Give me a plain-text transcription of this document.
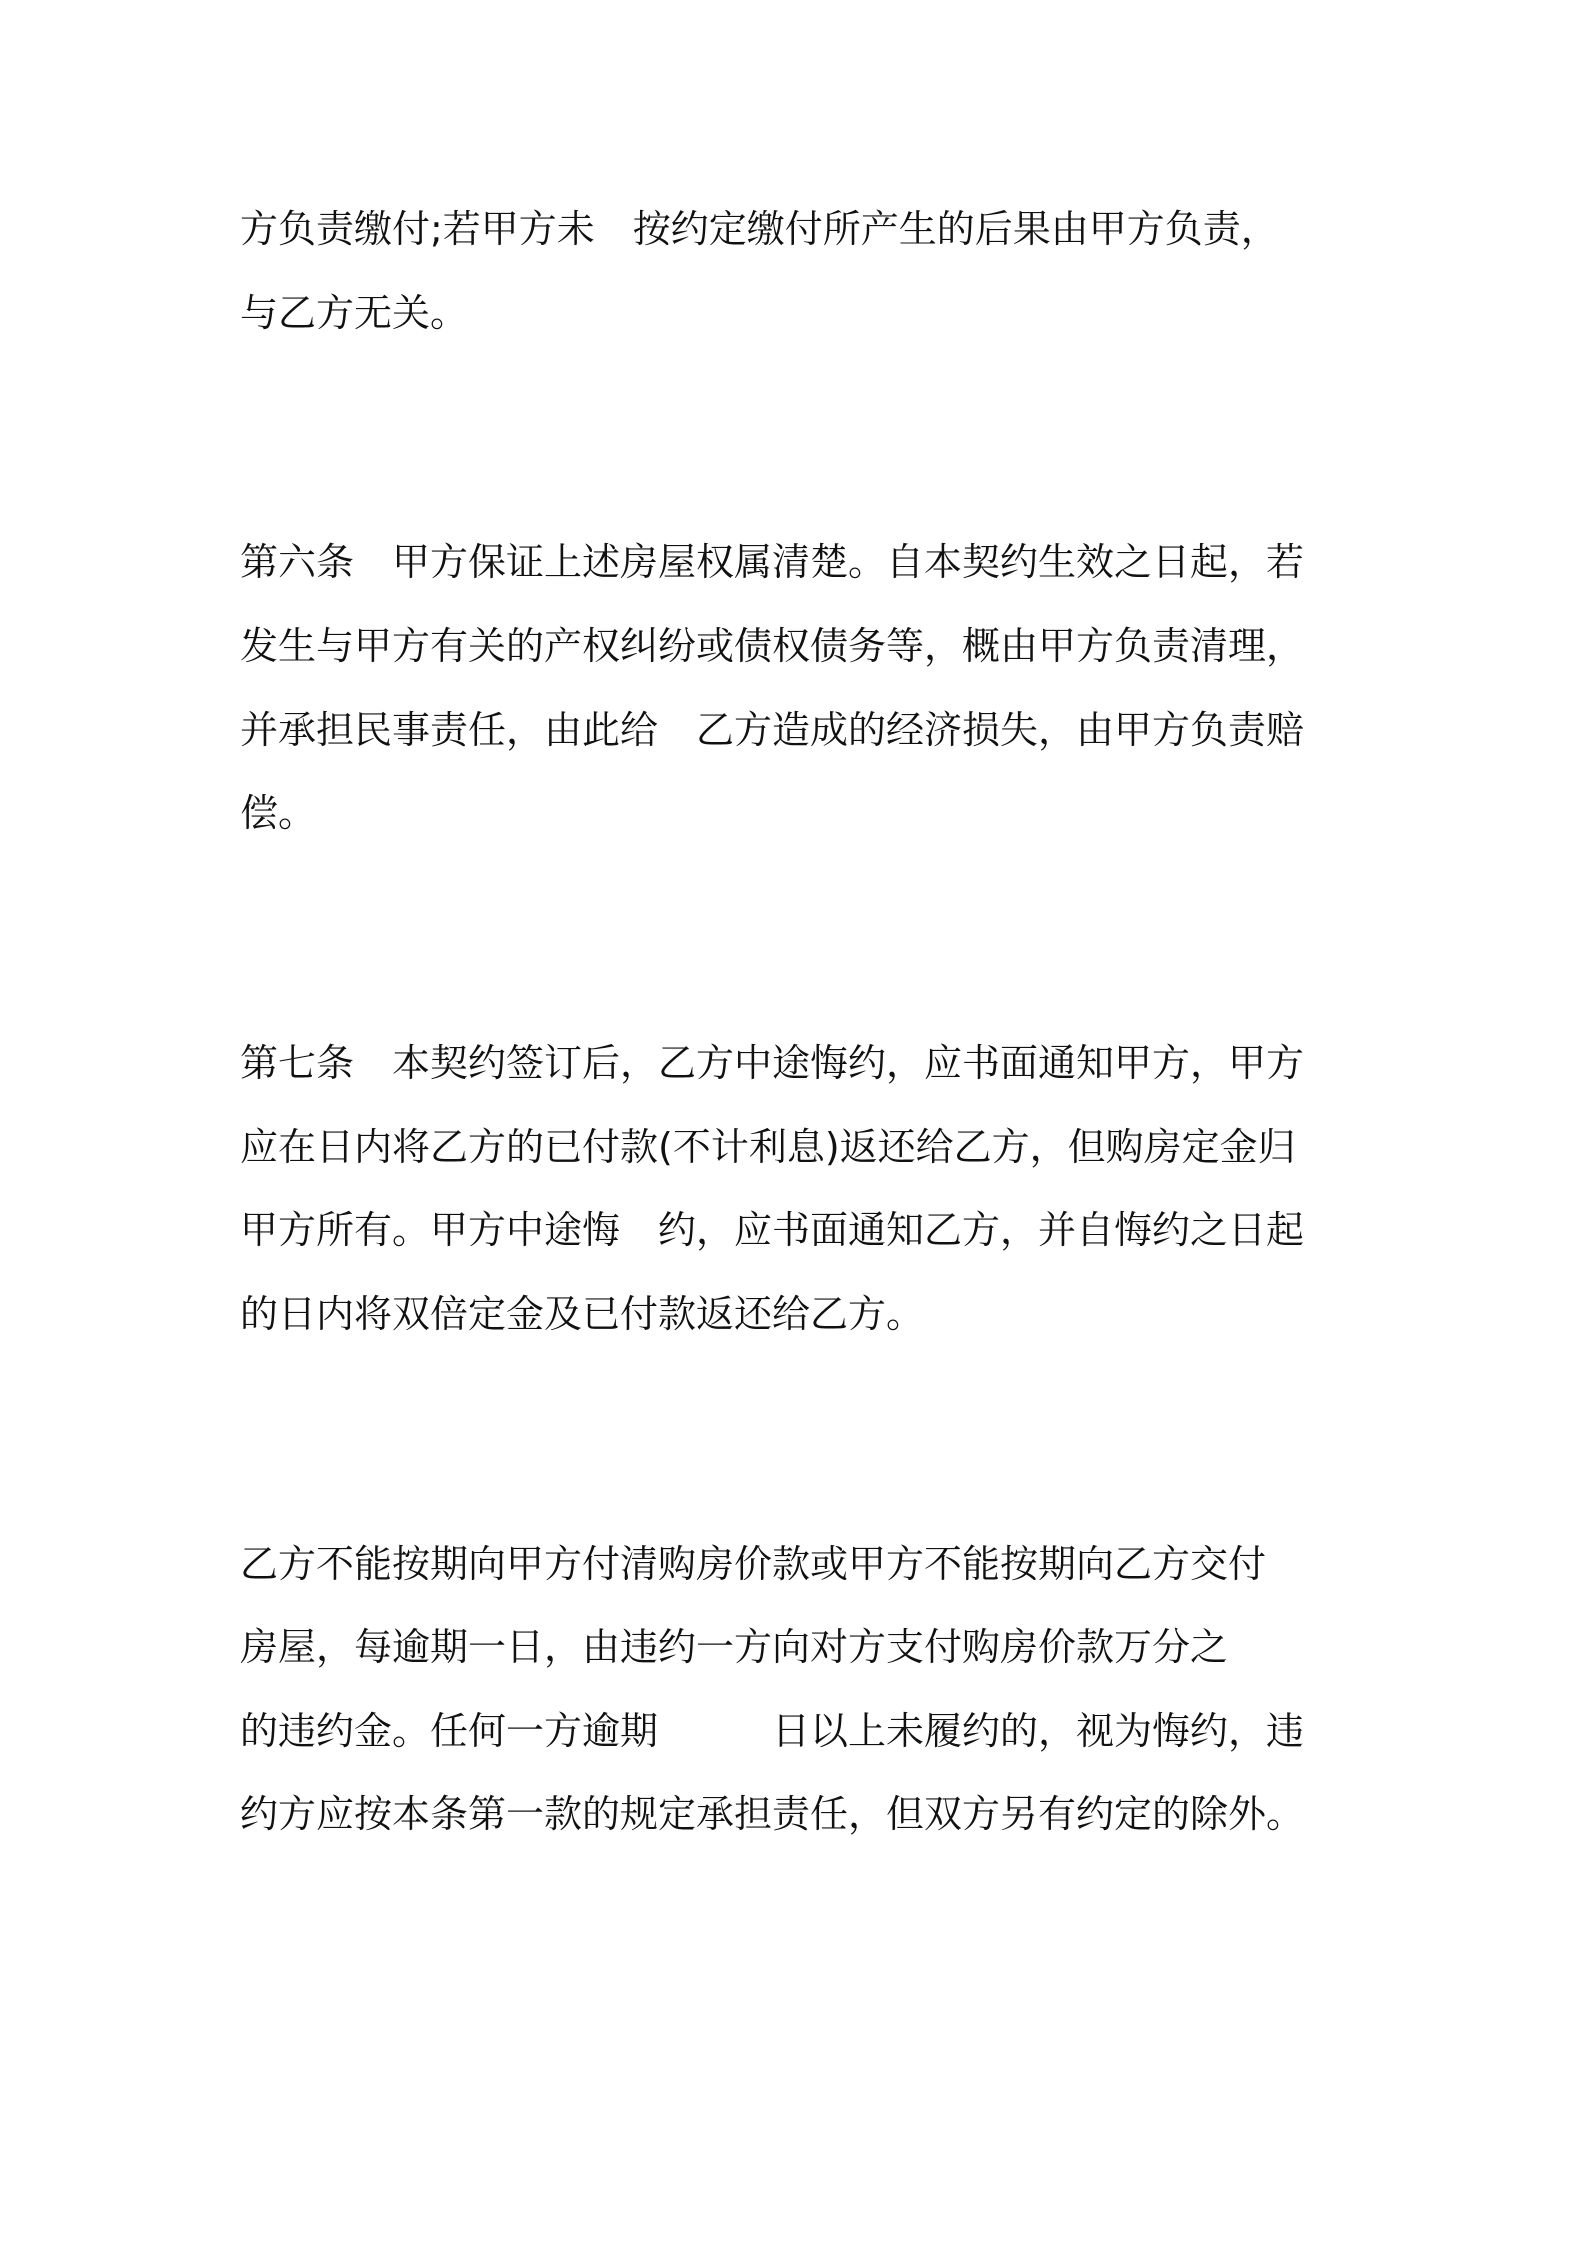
方负责缴付;若甲方未　按约定缴付所产生的后果由甲方负责，
与乙方无关。
第六条　甲方保证上述房屋权属清楚。自本契约生效之日起，若
发生与甲方有关的产权纠纷或债权债务等，概由甲方负责清理，
并承担民事责任，由此给　乙方造成的经济损失，由甲方负责赔
偿。
第七条　本契约签订后，乙方中途悔约，应书面通知甲方，甲方
应在日内将乙方的已付款(不计利息)返还给乙方，但购房定金归
甲方所有。甲方中途悔　约，应书面通知乙方，并自悔约之日起
的日内将双倍定金及已付款返还给乙方。
乙方不能按期向甲方付清购房价款或甲方不能按期向乙方交付
房屋，每逾期一日，由违约一方向对方支付购房价款万分之
的违约金。任何一方逾期　　　日以上未履约的，视为悔约，违
约方应按本条第一款的规定承担责任，但双方另有约定的除外。
